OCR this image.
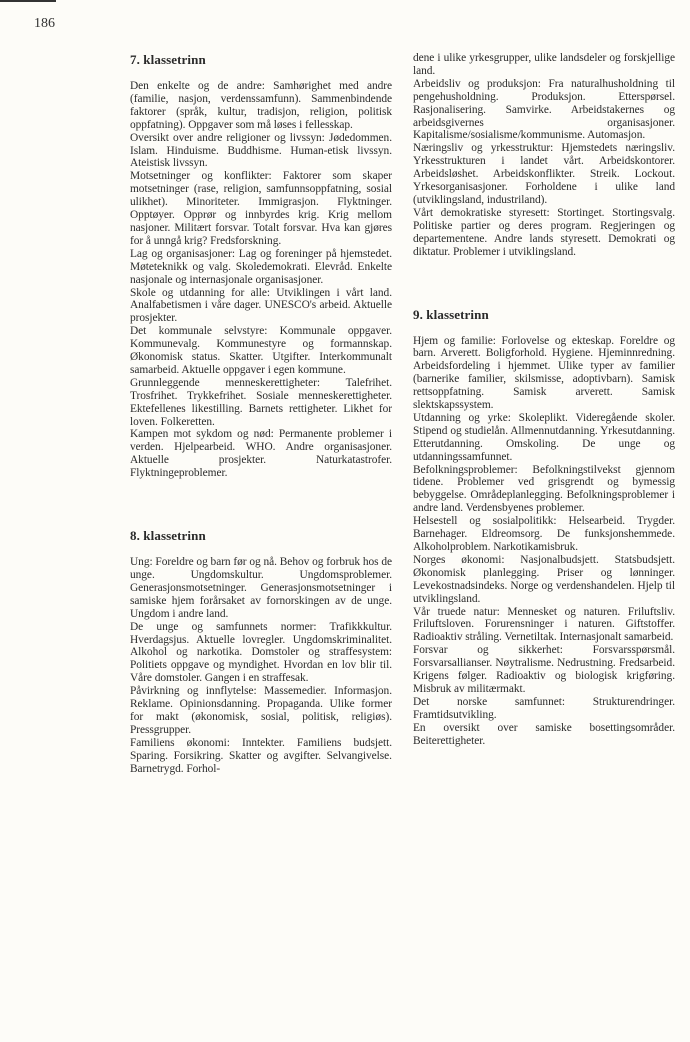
186
7. klassetrinn

Den enkelte og de andre: Samhørighet med andre (familie, nasjon, verdenssamfunn). Sammenbindende faktorer (språk, kultur, tradisjon, religion, politisk oppfatning). Oppgaver som må løses i fellesskap.

Oversikt over andre religioner og livssyn: Jødedommen. Islam. Hinduisme. Buddhisme. Human-etisk livssyn. Ateistisk livssyn.

Motsetninger og konflikter: Faktorer som skaper motsetninger (rase, religion, samfunnsoppfatning, sosial ulikhet). Minoriteter. Immigrasjon. Flyktninger. Opptøyer. Opprør og innbyrdes krig. Krig mellom nasjoner. Militært forsvar. Totalt forsvar. Hva kan gjøres for å unngå krig? Fredsforskning.

Lag og organisasjoner: Lag og foreninger på hjemstedet. Møteteknikk og valg. Skoledemokrati. Elevråd. Enkelte nasjonale og internasjonale organisasjoner.

Skole og utdanning for alle: Utviklingen i vårt land. Analfabetismen i våre dager. UNESCO's arbeid. Aktuelle prosjekter.

Det kommunale selvstyre: Kommunale oppgaver. Kommunevalg. Kommunestyre og formannskap. Økonomisk status. Skatter. Utgifter. Interkommunalt samarbeid. Aktuelle oppgaver i egen kommune.

Grunnleggende menneskerettigheter: Talefrihet. Trosfrihet. Trykkefrihet. Sosiale menneskerettigheter. Ektefellenes likestilling. Barnets rettigheter. Likhet for loven. Folkeretten.

Kampen mot sykdom og nød: Permanente problemer i verden. Hjelpearbeid. WHO. Andre organisasjoner. Aktuelle prosjekter. Naturkatastrofer. Flyktningeproblemer.

8. klassetrinn

Ung: Foreldre og barn før og nå. Behov og forbruk hos de unge. Ungdomskultur. Ungdomsproblemer. Generasjonsmotsetninger. Generasjonsmotsetninger i samiske hjem forårsaket av fornorskingen av de unge. Ungdom i andre land.

De unge og samfunnets normer: Trafikkkultur. Hverdagsjus. Aktuelle lovregler. Ungdomskriminalitet. Alkohol og narkotika. Domstoler og straffesystem: Politiets oppgave og myndighet. Hvordan en lov blir til. Våre domstoler. Gangen i en straffesak.

Påvirkning og innflytelse: Massemedier. Informasjon. Reklame. Opinionsdanning. Propaganda. Ulike former for makt (økonomisk, sosial, politisk, religiøs). Pressgrupper.

Familiens økonomi: Inntekter. Familiens budsjett. Sparing. Forsikring. Skatter og avgifter. Selvangivelse. Barnetrygd. Forhol-

dene i ulike yrkesgrupper, ulike landsdeler og forskjellige land.

Arbeidsliv og produksjon: Fra naturalhusholdning til pengehusholdning. Produksjon. Etterspørsel. Rasjonalisering. Samvirke. Arbeidstakernes og arbeidsgivernes organisasjoner. Kapitalisme/sosialisme/kommunisme. Automasjon.

Næringsliv og yrkesstruktur: Hjemstedets næringsliv. Yrkesstrukturen i landet vårt. Arbeidskontorer. Arbeidsløshet. Arbeidskonflikter. Streik. Lockout. Yrkesorganisasjoner. Forholdene i ulike land (utviklingsland, industriland).

Vårt demokratiske styresett: Stortinget. Stortingsvalg. Politiske partier og deres program. Regjeringen og departementene. Andre lands styresett. Demokrati og diktatur. Problemer i utviklingsland.

9. klassetrinn

Hjem og familie: Forlovelse og ekteskap. Foreldre og barn. Arverett. Boligforhold. Hygiene. Hjeminnredning. Arbeidsfordeling i hjemmet. Ulike typer av familier (barnerike familier, skilsmisse, adoptivbarn). Samisk rettsoppfatning. Samisk arverett. Samisk slektskapssystem.

Utdanning og yrke: Skoleplikt. Videregående skoler. Stipend og studielån. Allmennutdanning. Yrkesutdanning. Etterutdanning. Omskoling. De unge og utdanningssamfunnet.

Befolkningsproblemer: Befolkningstilvekst gjennom tidene. Problemer ved grisgrendt og bymessig bebyggelse. Områdeplanlegging. Befolkningsproblemer i andre land. Verdensbyenes problemer.

Helsestell og sosialpolitikk: Helsearbeid. Trygder. Barnehager. Eldreomsorg. De funksjonshemmede. Alkoholproblem. Narkotikamisbruk.

Norges økonomi: Nasjonalbudsjett. Statsbudsjett. Økonomisk planlegging. Priser og lønninger. Levekostnadsindeks. Norge og verdenshandelen. Hjelp til utviklingsland.

Vår truede natur: Mennesket og naturen. Friluftsliv. Friluftsloven. Forurensninger i naturen. Giftstoffer. Radioaktiv stråling. Vernetiltak. Internasjonalt samarbeid.

Forsvar og sikkerhet: Forsvarsspørsmål. Forsvarsallianser. Nøytralisme. Nedrustning. Fredsarbeid. Krigens følger. Radioaktiv og biologisk krigføring. Misbruk av militærmakt.

Det norske samfunnet: Strukturendringer. Framtidsutvikling.

En oversikt over samiske bosettingsområder. Beiterettigheter.
